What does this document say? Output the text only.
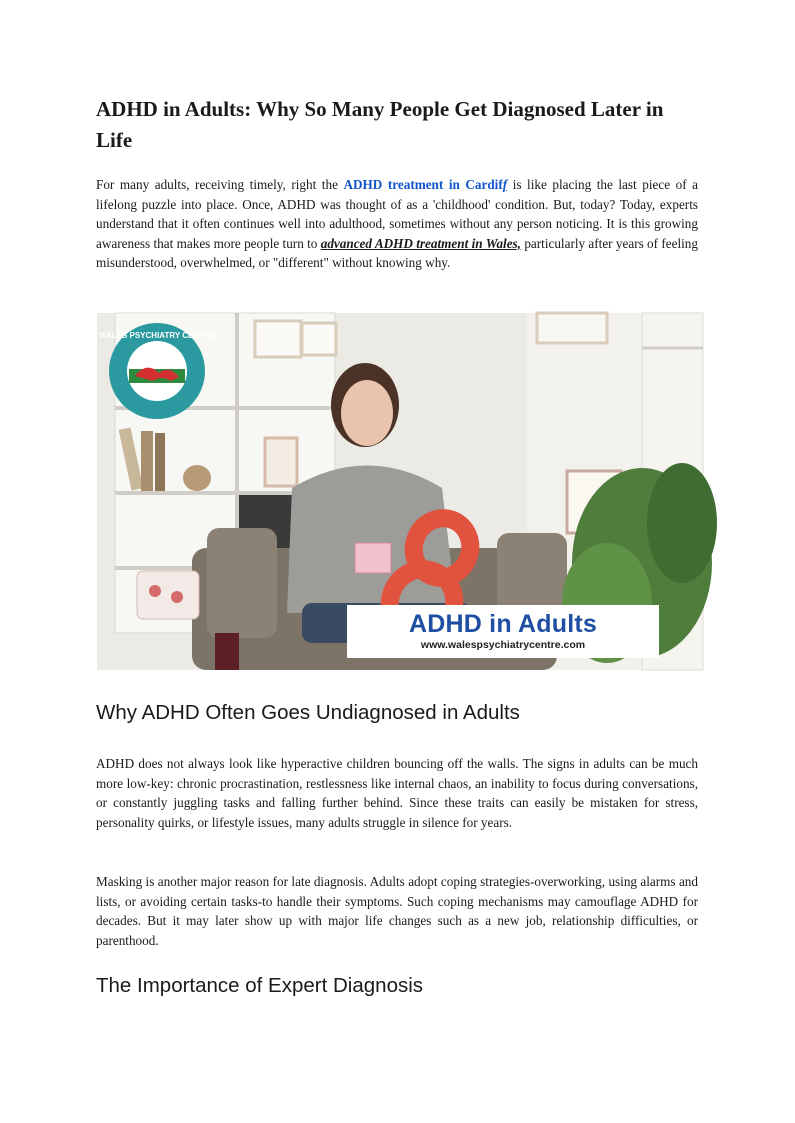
ADHD in Adults: Why So Many People Get Diagnosed Later in Life

For many adults, receiving timely, right the ADHD treatment in Cardiff is like placing the last piece of a lifelong puzzle into place. Once, ADHD was thought of as a 'childhood' condition. But, today? Today, experts understand that it often continues well into adulthood, sometimes without any person noticing. It is this growing awareness that makes more people turn to advanced ADHD treatment in Wales, particularly after years of feeling misunderstood, overwhelmed, or "different" without knowing why.

WALES PSYCHIATRY CENTRE
ADHD in Adults
www.walespsychiatrycentre.com
Why ADHD Often Goes Undiagnosed in Adults

ADHD does not always look like hyperactive children bouncing off the walls. The signs in adults can be much more low-key: chronic procrastination, restlessness like internal chaos, an inability to focus during conversations, or constantly juggling tasks and falling further behind. Since these traits can easily be mistaken for stress, personality quirks, or lifestyle issues, many adults struggle in silence for years.

Masking is another major reason for late diagnosis. Adults adopt coping strategies-overworking, using alarms and lists, or avoiding certain tasks-to handle their symptoms. Such coping mechanisms may camouflage ADHD for decades. But it may later show up with major life changes such as a new job, relationship difficulties, or parenthood.

The Importance of Expert Diagnosis
